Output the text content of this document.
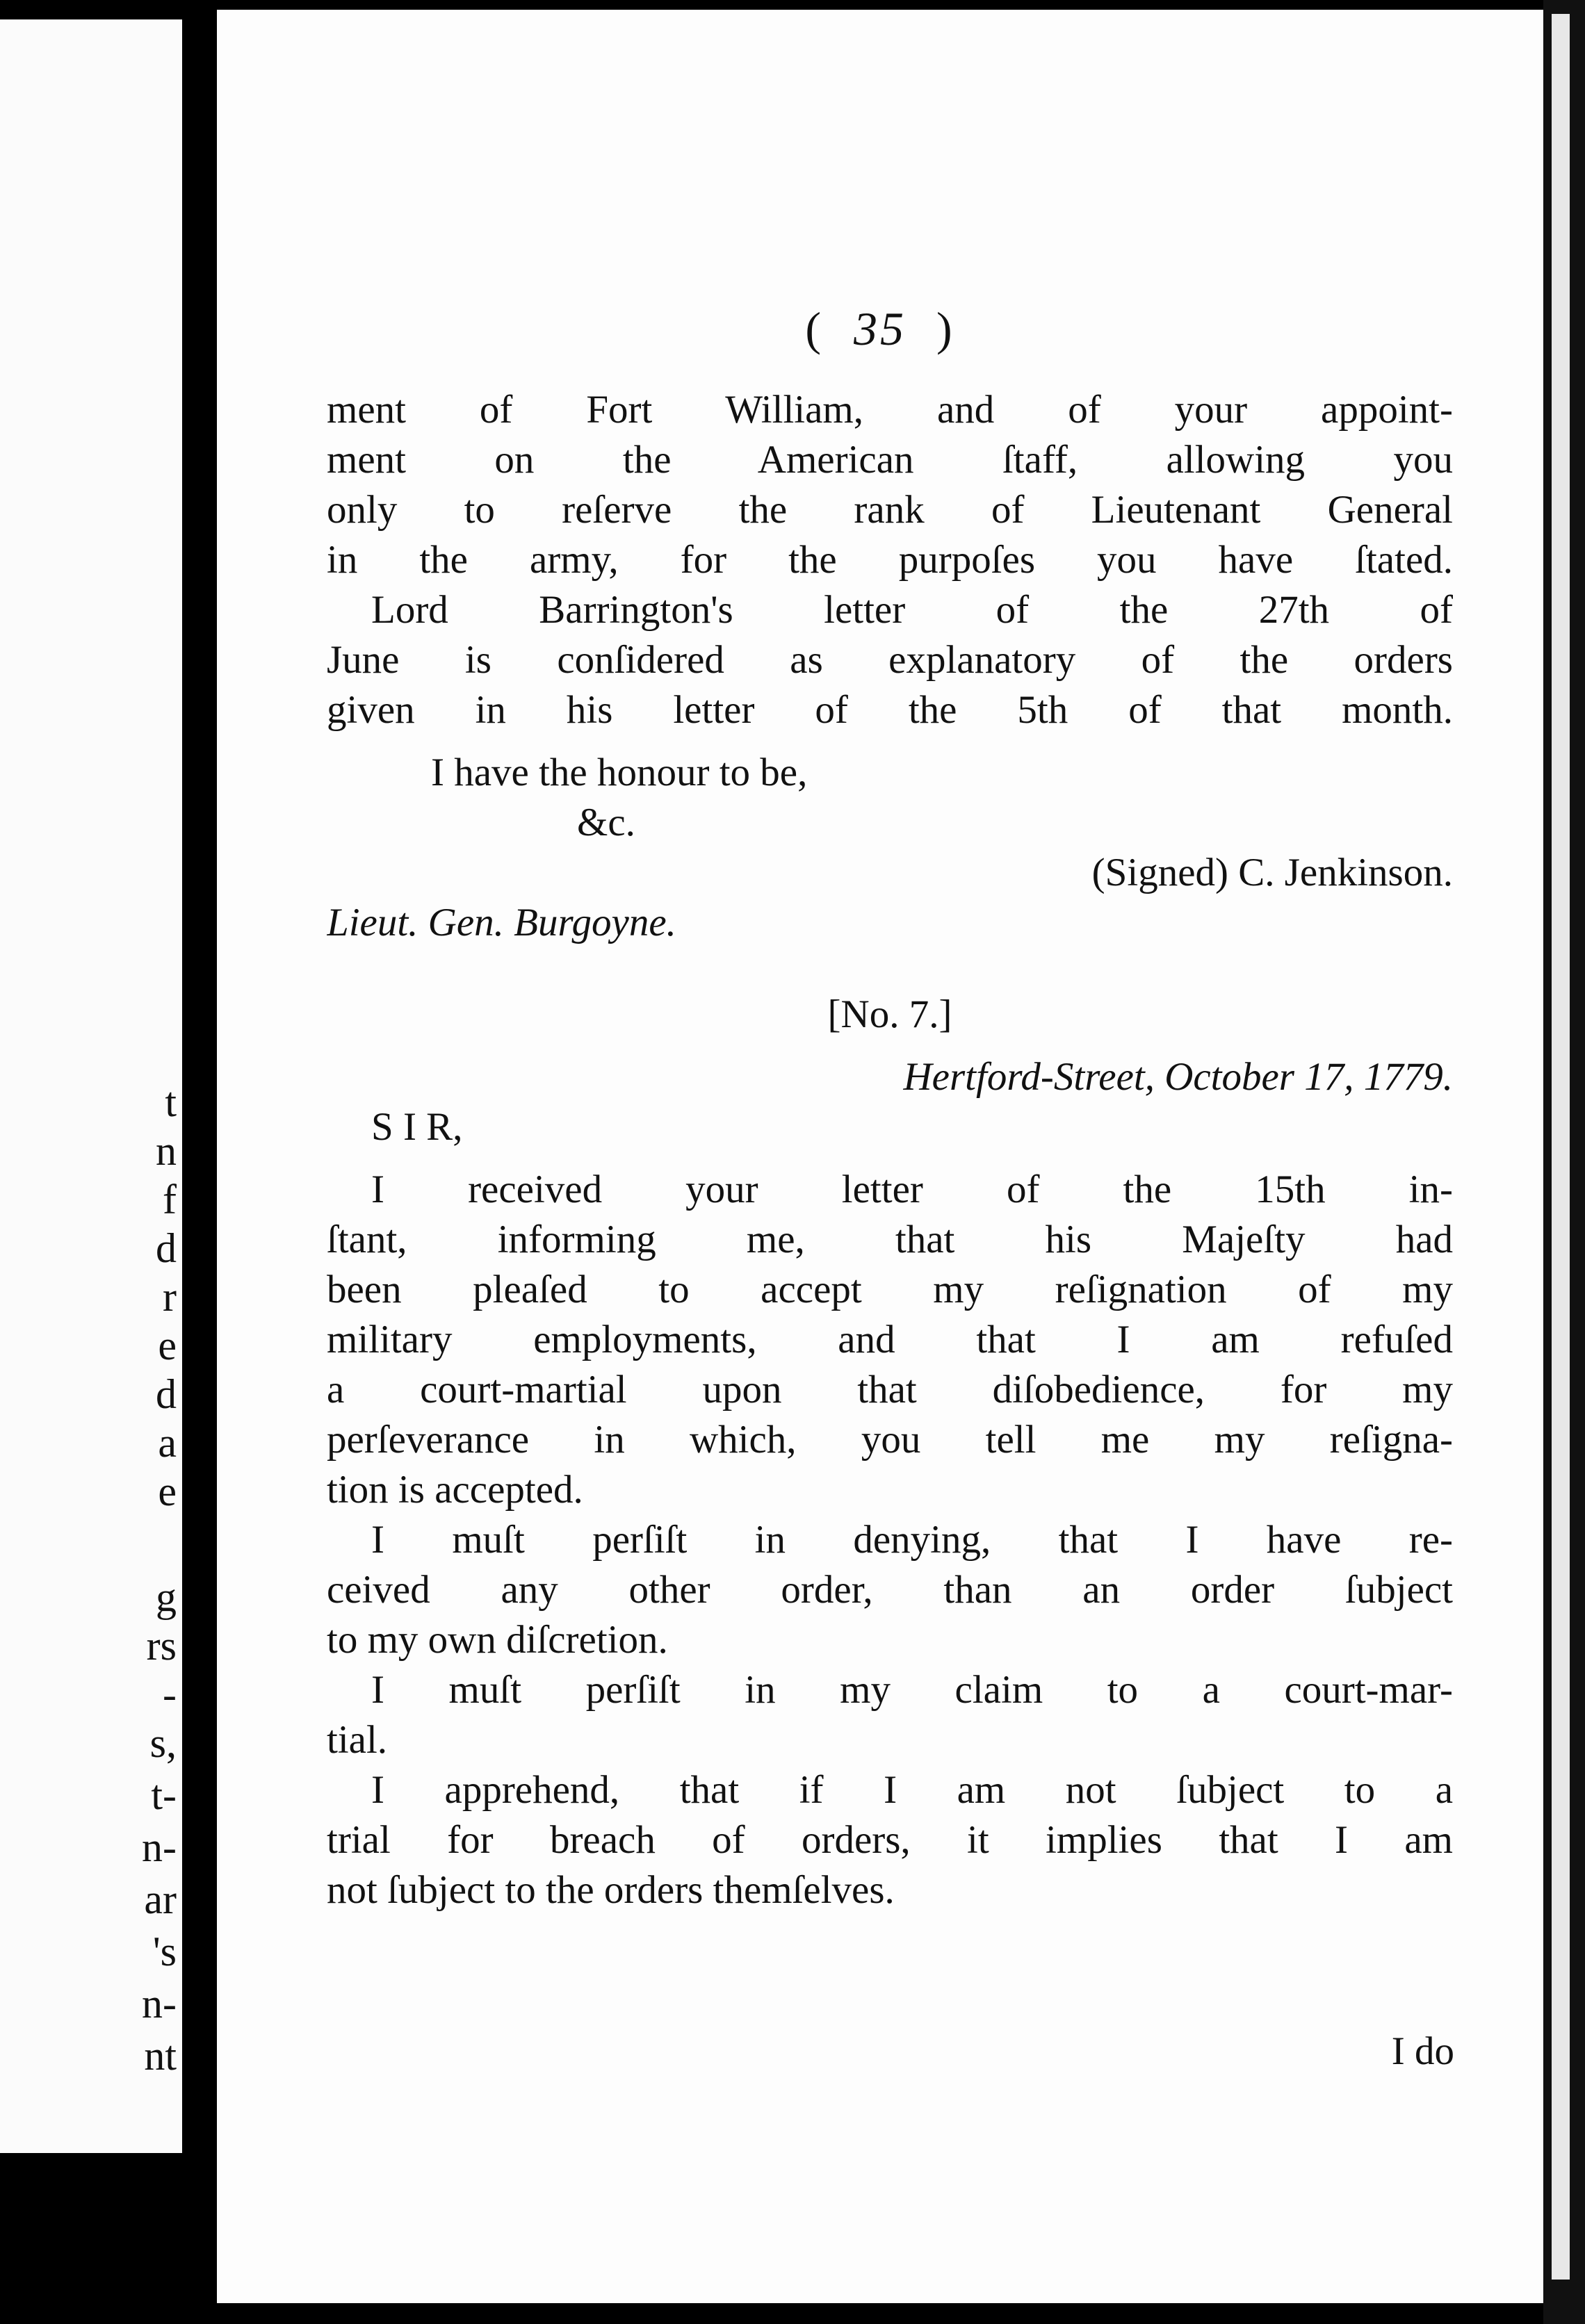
t
n
f
d
r
e
d
a
e
g
rs
-
s,
t-
n-
ar
's
n-
nt
( 35 )
ment of Fort William, and of your appoint-
ment on the American ſtaff, allowing you
only to reſerve the rank of Lieutenant General
in the army, for the purpoſes you have ſtated.
Lord Barrington's letter of the 27th of
June is conſidered as explanatory of the orders
given in his letter of the 5th of that month.
I have the honour to be,
&c.
(Signed) C. Jenkinson.
Lieut. Gen. Burgoyne.
[No. 7.]
Hertford-Street, October 17, 1779.
S I R,
I received your letter of the 15th in-
ſtant, informing me, that his Majeſty had
been pleaſed to accept my reſignation of my
military employments, and that I am refuſed
a court-martial upon that diſobedience, for my
perſeverance in which, you tell me my reſigna-
tion is accepted.
I muſt perſiſt in denying, that I have re-
ceived any other order, than an order ſubject
to my own diſcretion.
I muſt perſiſt in my claim to a court-mar-
tial.
I apprehend, that if I am not ſubject to a
trial for breach of orders, it implies that I am
not ſubject to the orders themſelves.
I do
